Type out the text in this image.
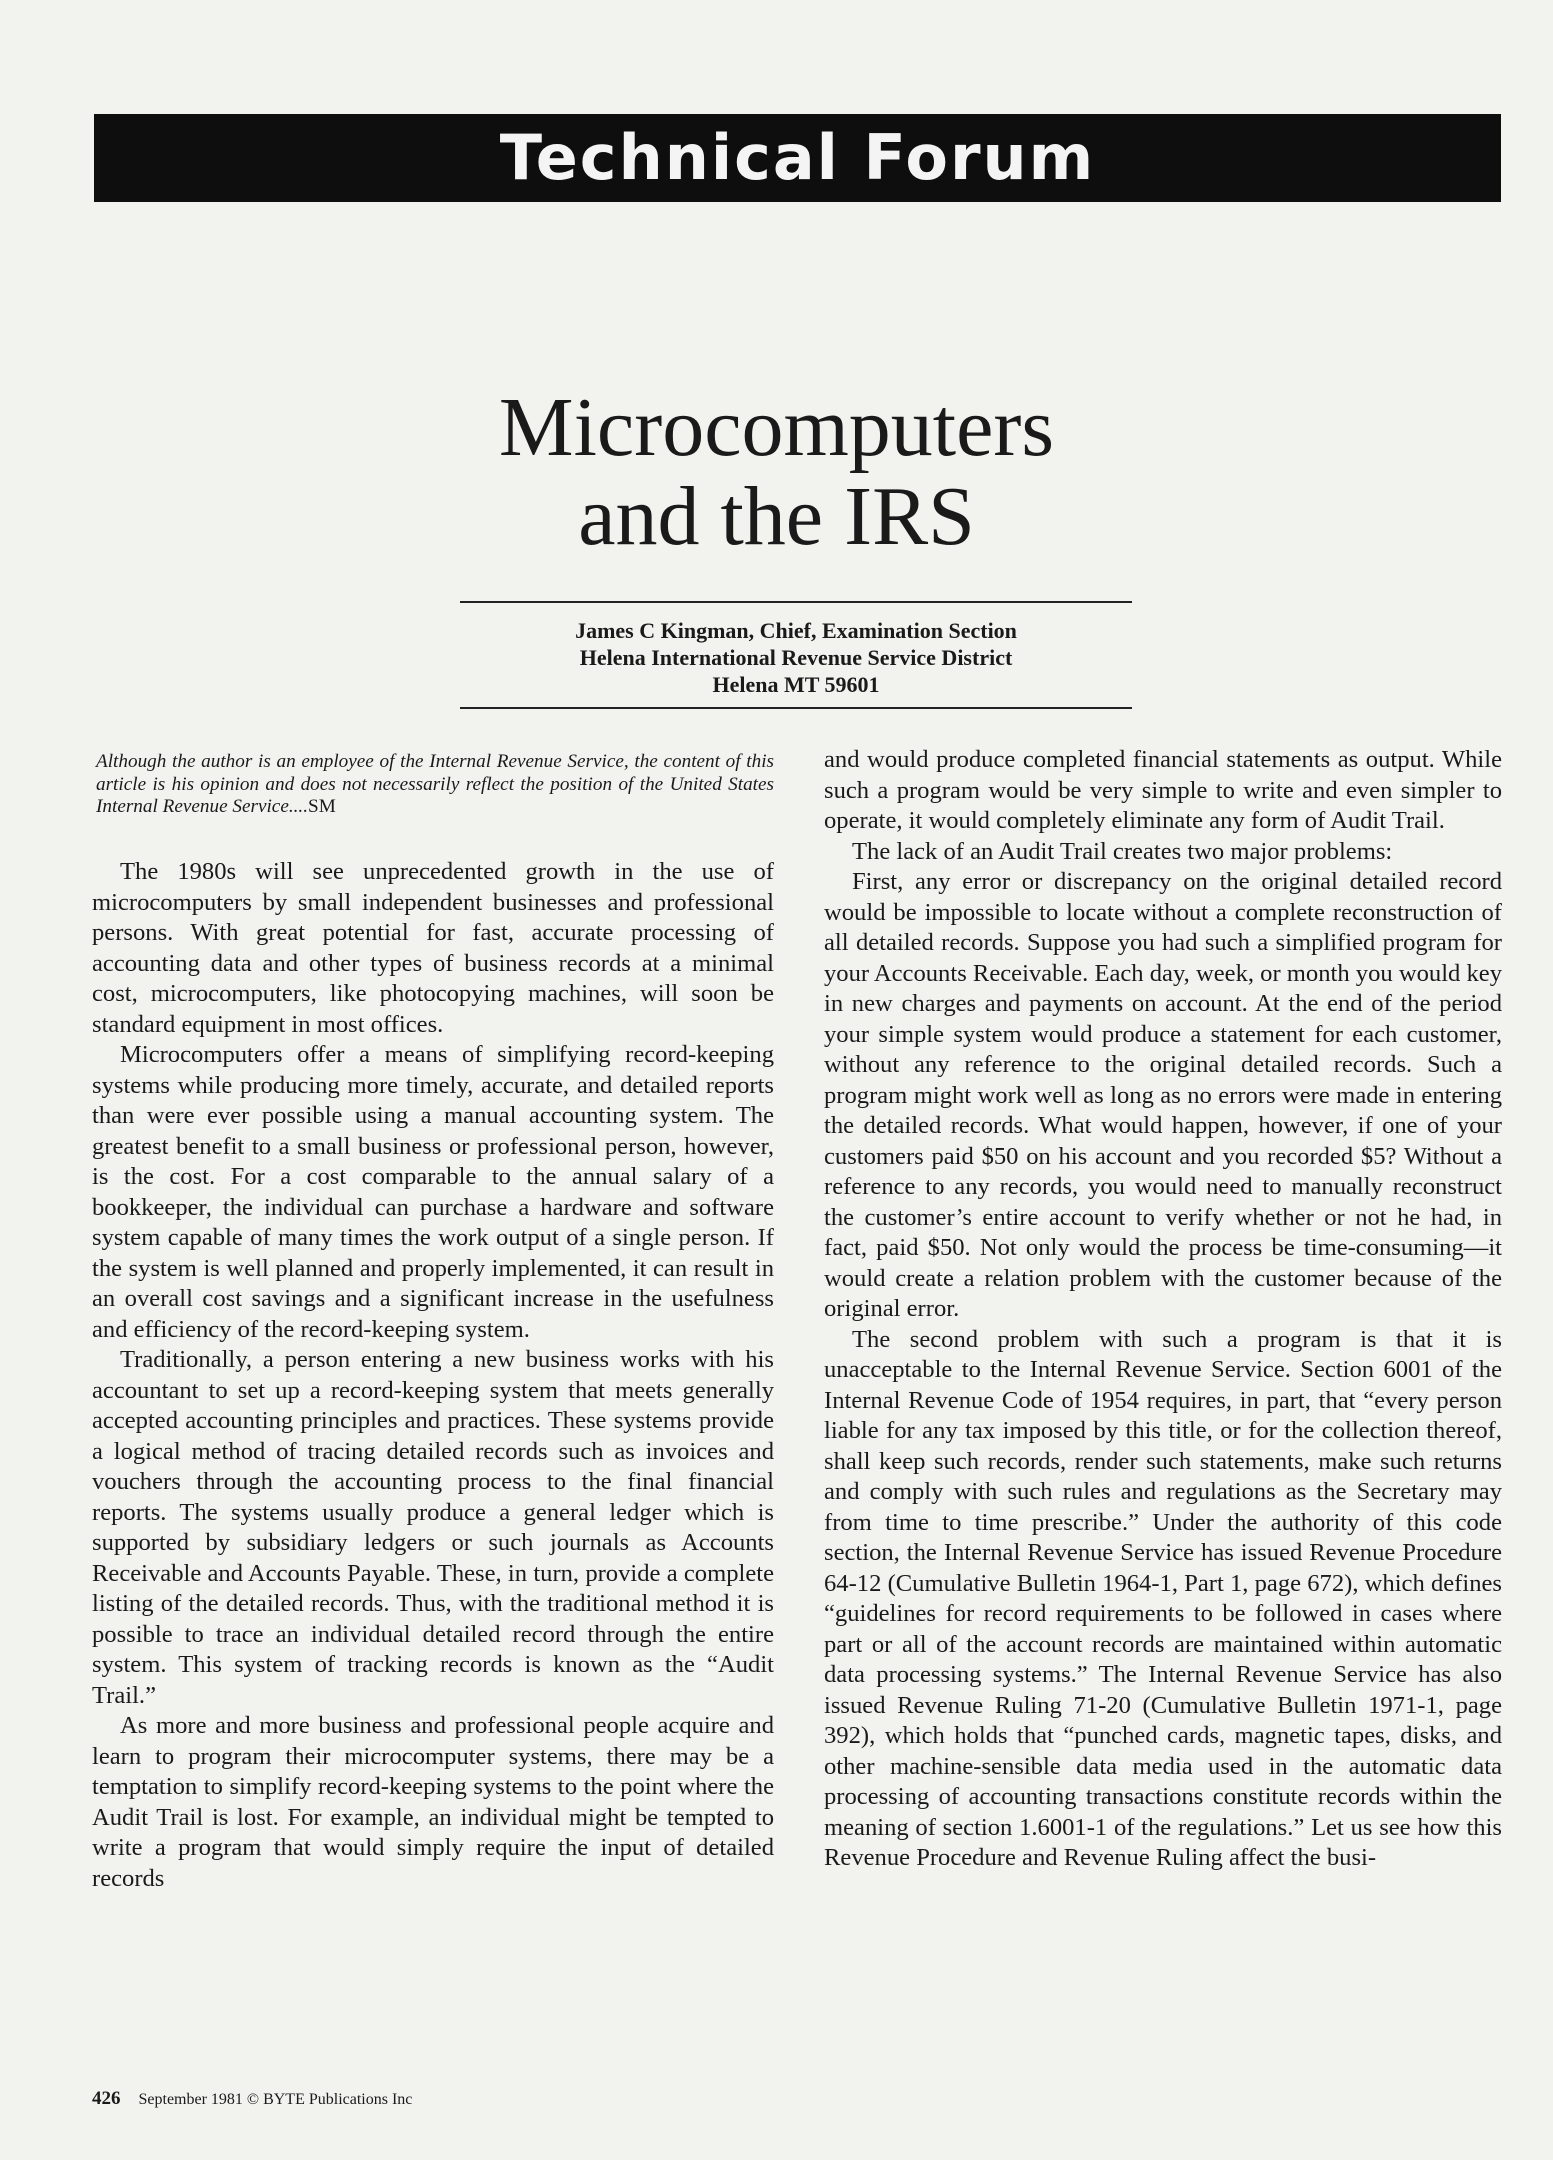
Technical Forum
Microcomputers
and the IRS
James C Kingman, Chief, Examination Section
Helena International Revenue Service District
Helena MT 59601
Although the author is an employee of the Internal Revenue Service, the content of this article is his opinion and does not necessarily reflect the position of the United States Internal Revenue Service....SM

The 1980s will see unprecedented growth in the use of microcomputers by small independent businesses and professional persons. With great potential for fast, accurate processing of accounting data and other types of business records at a minimal cost, microcomputers, like photocopying machines, will soon be standard equipment in most offices.

Microcomputers offer a means of simplifying record-keeping systems while producing more timely, accurate, and detailed reports than were ever possible using a manual accounting system. The greatest benefit to a small business or professional person, however, is the cost. For a cost comparable to the annual salary of a bookkeeper, the individual can purchase a hardware and software system capable of many times the work output of a single person. If the system is well planned and properly implemented, it can result in an overall cost savings and a significant increase in the usefulness and efficiency of the record-keeping system.

Traditionally, a person entering a new business works with his accountant to set up a record-keeping system that meets generally accepted accounting principles and practices. These systems provide a logical method of tracing detailed records such as invoices and vouchers through the accounting process to the final financial reports. The systems usually produce a general ledger which is supported by subsidiary ledgers or such journals as Accounts Receivable and Accounts Payable. These, in turn, provide a complete listing of the detailed records. Thus, with the traditional method it is possible to trace an individual detailed record through the entire system. This system of tracking records is known as the “Audit Trail.”

As more and more business and professional people acquire and learn to program their microcomputer systems, there may be a temptation to simplify record-keeping systems to the point where the Audit Trail is lost. For example, an individual might be tempted to write a program that would simply require the input of detailed records

and would produce completed financial statements as output. While such a program would be very simple to write and even simpler to operate, it would completely eliminate any form of Audit Trail.

The lack of an Audit Trail creates two major problems:

First, any error or discrepancy on the original detailed record would be impossible to locate without a complete reconstruction of all detailed records. Suppose you had such a simplified program for your Accounts Receivable. Each day, week, or month you would key in new charges and payments on account. At the end of the period your simple system would produce a statement for each customer, without any reference to the original detailed records. Such a program might work well as long as no errors were made in entering the detailed records. What would happen, however, if one of your customers paid $50 on his account and you recorded $5? Without a reference to any records, you would need to manually reconstruct the customer’s entire account to verify whether or not he had, in fact, paid $50. Not only would the process be time-consuming—it would create a relation problem with the customer because of the original error.

The second problem with such a program is that it is unacceptable to the Internal Revenue Service. Section 6001 of the Internal Revenue Code of 1954 requires, in part, that “every person liable for any tax imposed by this title, or for the collection thereof, shall keep such records, render such statements, make such returns and comply with such rules and regulations as the Secretary may from time to time prescribe.” Under the authority of this code section, the Internal Revenue Service has issued Revenue Procedure 64-12 (Cumulative Bulletin 1964-1, Part 1, page 672), which defines “guidelines for record requirements to be followed in cases where part or all of the account records are maintained within automatic data processing systems.” The Internal Revenue Service has also issued Revenue Ruling 71-20 (Cumulative Bulletin 1971-1, page 392), which holds that “punched cards, magnetic tapes, disks, and other machine-sensible data media used in the automatic data processing of accounting transactions constitute records within the meaning of section 1.6001-1 of the regulations.” Let us see how this Revenue Procedure and Revenue Ruling affect the busi-

426 September 1981 © BYTE Publications Inc
